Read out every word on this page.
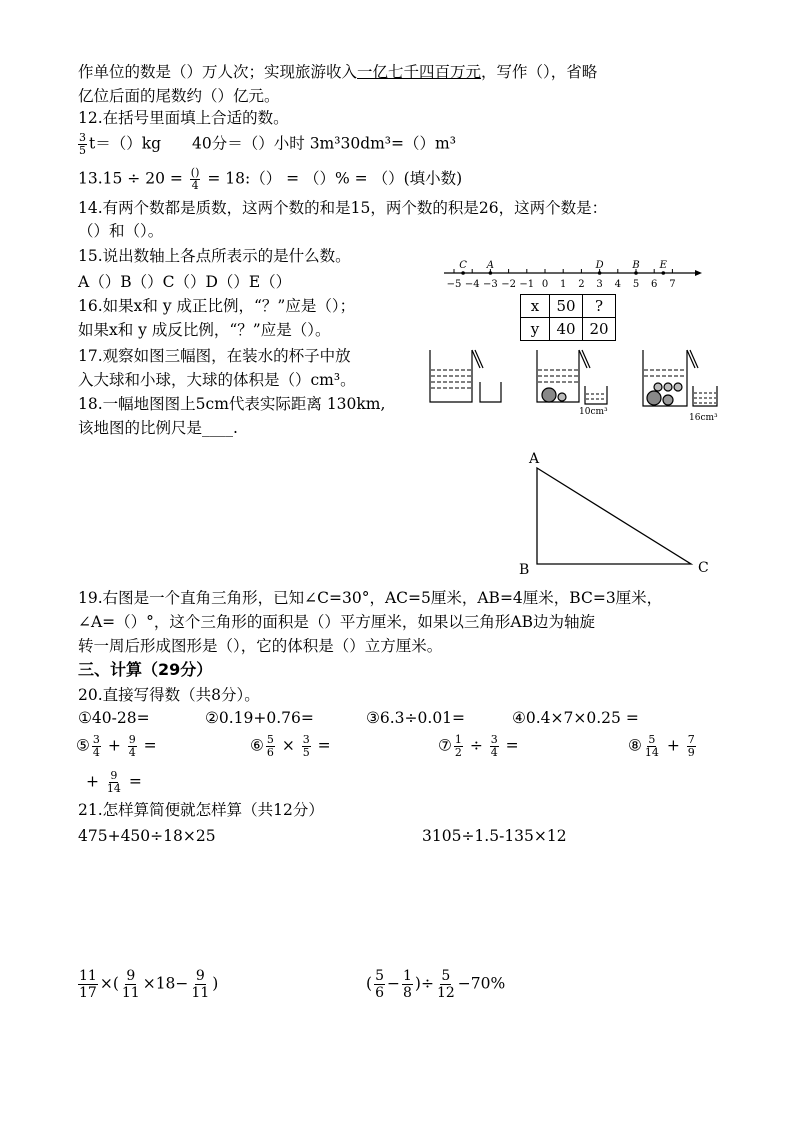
作单位的数是（）万人次；实现旅游收入一亿七千四百万元，写作（），省略
亿位后面的尾数约（）亿元。
12.在括号里面填上合适的数。
$\frac{3}{5} t=()kg$　　40分＝（）小时 3m³30dm³=（）m³
$13.15 \div 20 = \frac{()}{4}$ = 18:（） = （）% = （）(填小数)
14.有两个数都是质数，这两个数的和是15，两个数的积是26，这两个数是：
（）和（）。
15.说出数轴上各点所表示的是什么数。
A（）B（）C（）D（）E（）	−5 −4 −3 −2 −1 0 1 2 3 4 5 6 7
C A	D	B E
16.如果x和 y 成正比例，“？”应是（）；
如果x和 y 成反比例，“？”应是（）。
x	50	?
y	40	20
17.观察如图三幅图，在装水的杯子中放
入大球和小球，大球的体积是（）cm³。
10cm³
16cm³
18.一幅地图图上5cm代表实际距离 130km,
该地图的比例尺是____.
A
B	C
19.右图是一个直角三角形，已知∠C=30°，AC=5厘米，AB=4厘米，BC=3厘米，
∠A=（）°，这个三角形的面积是（）平方厘米，如果以三角形AB边为轴旋
转一周后形成图形是（），它的体积是（）立方厘米。
三、计算（29分）
20.直接写得数（共8分）。
①40-28=	②0.19+0.76=	③6.3÷0.01=	④0.4×7×0.25 =
⑤ $\frac{3}{4} + \frac{9}{4}$ =	⑥ $\frac{5}{6} \times \frac{3}{5}$ =	⑦ $\frac{1}{2} \div \frac{3}{4}$ =	⑧ $\frac{5}{14} + \frac{7}{9}$
+ $\frac{9}{14}$ =
21.怎样算简便就怎样算（共12分）
475+450÷18×25	3105÷1.5-135×12
$\frac{11}{17}$ ×( $\frac{9}{11} \times 18- \frac{9}{11}$ )	( $\frac{5}{6} - \frac{1}{8}$ )÷ $\frac{5}{12} -70\%$
